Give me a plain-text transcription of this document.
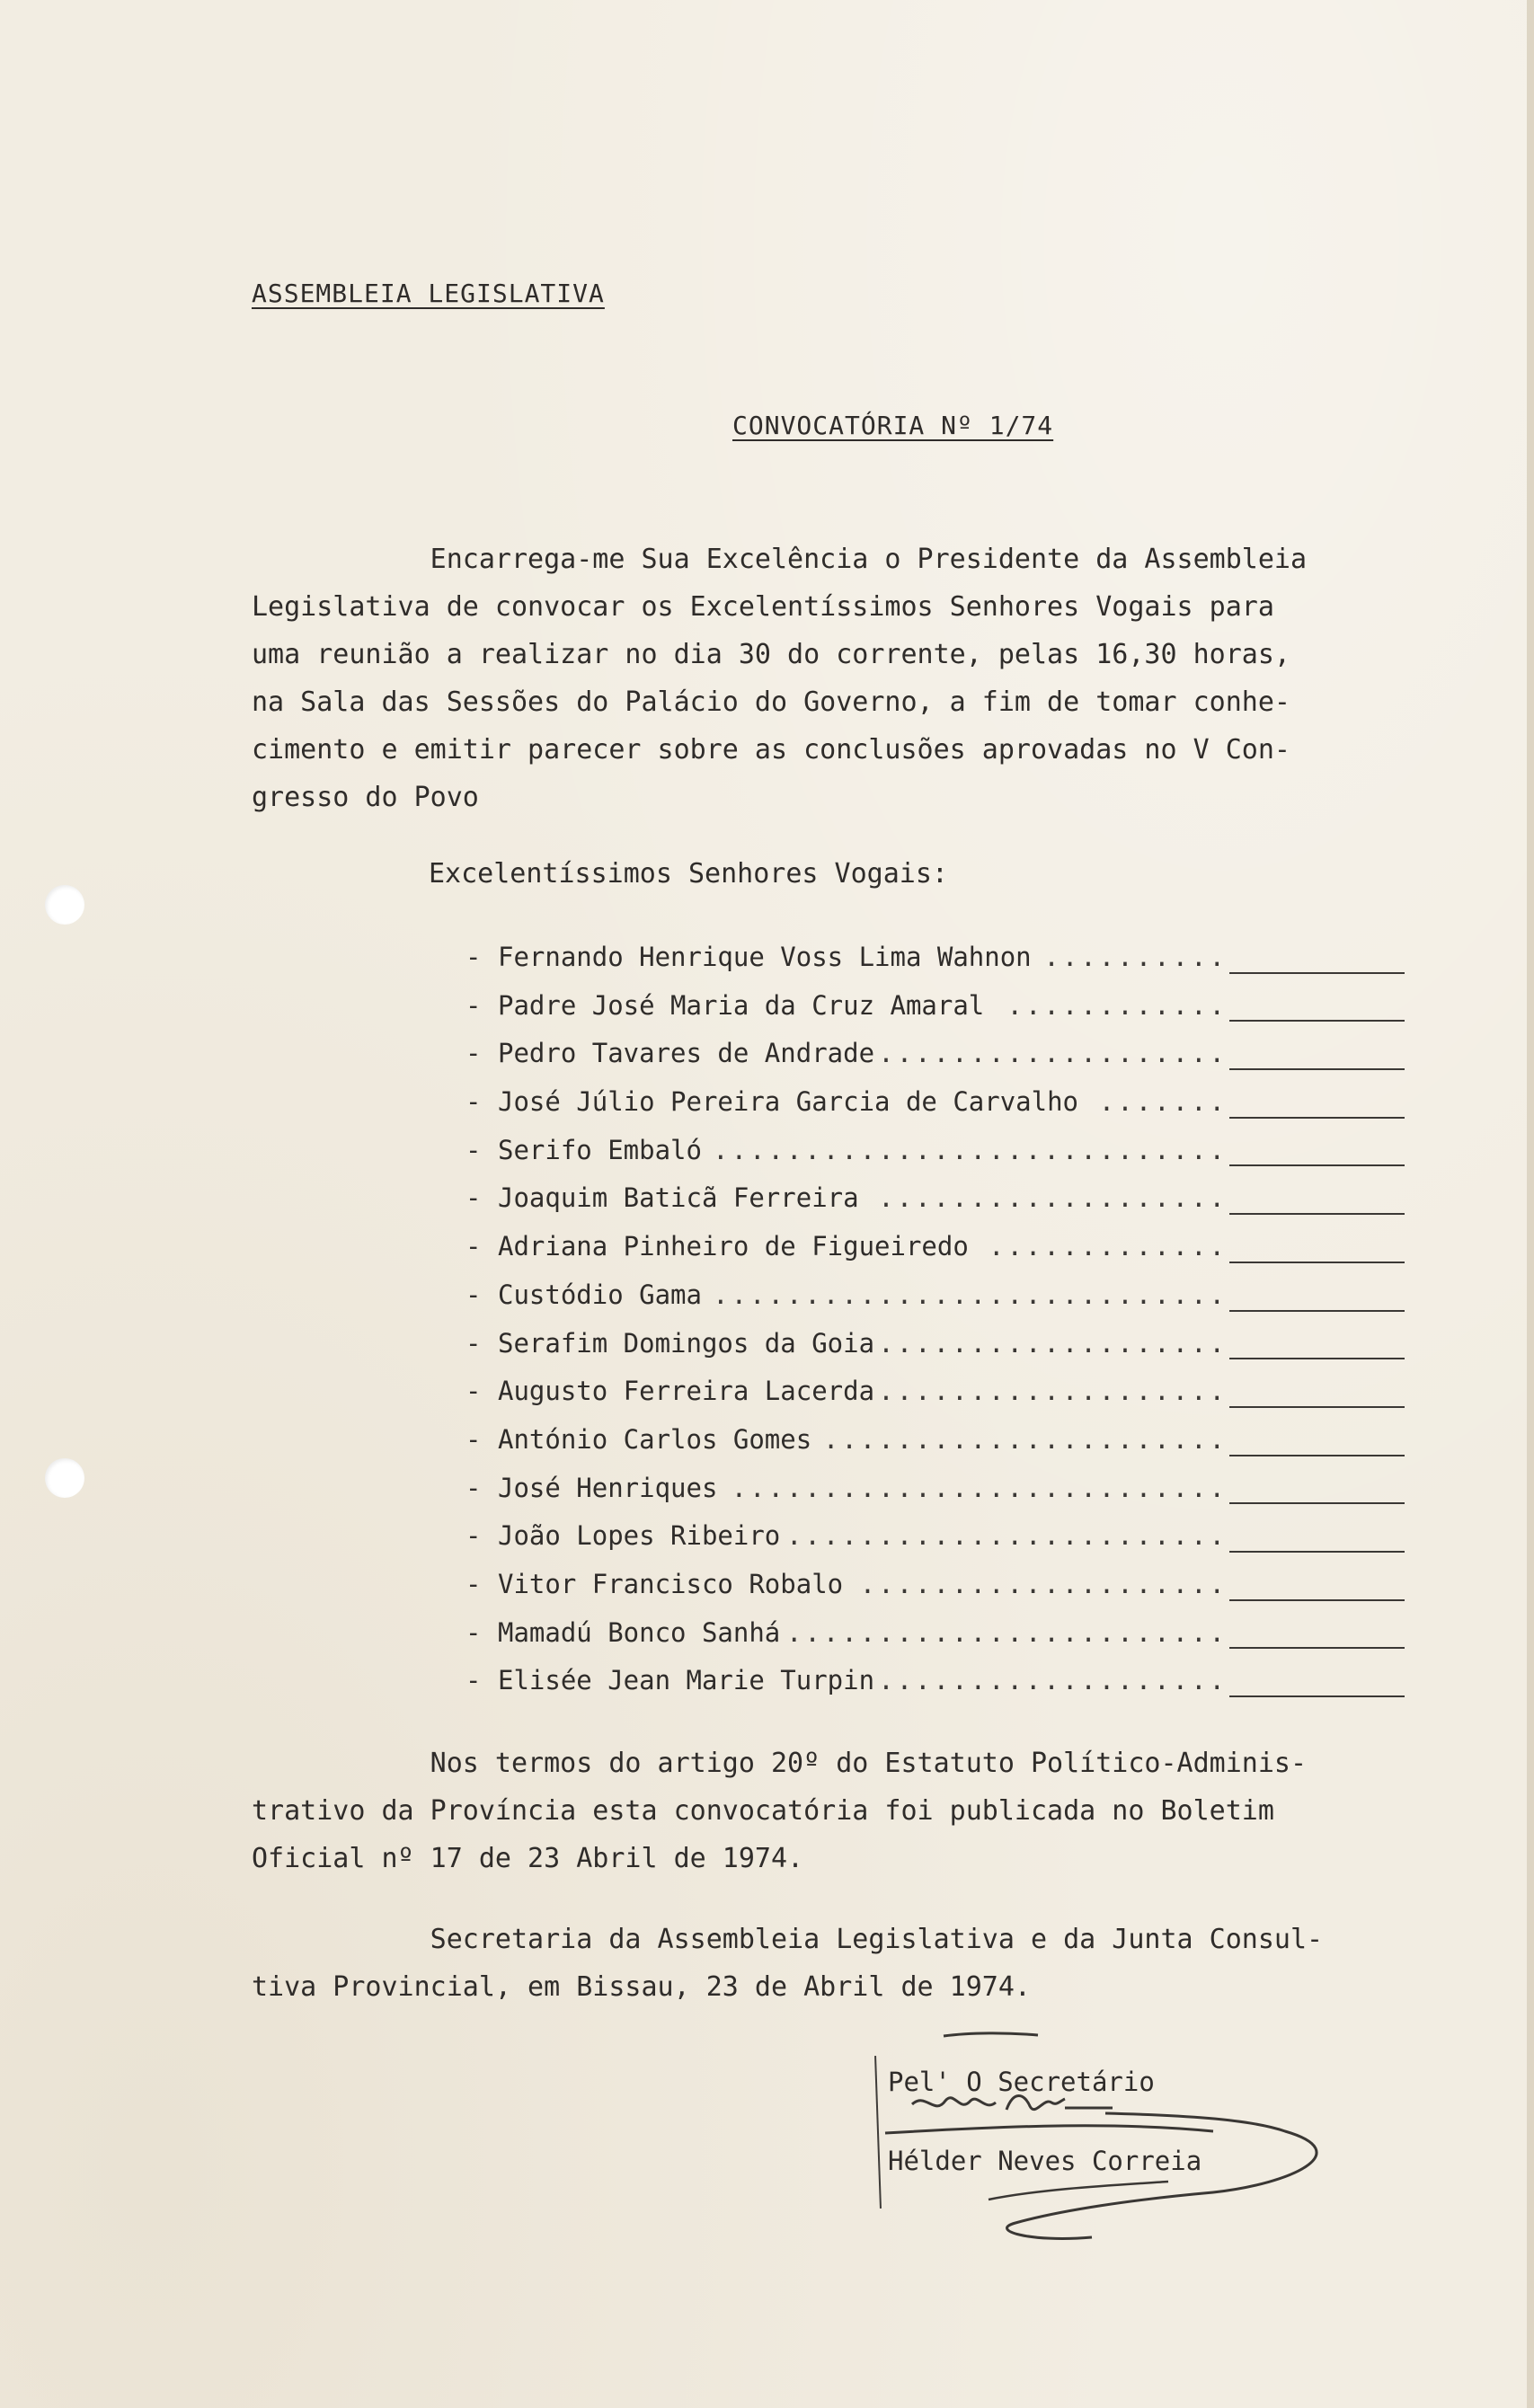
ASSEMBLEIA LEGISLATIVA
CONVOCATÓRIA Nº 1/74

Encarrega-me Sua Excelência o Presidente da Assembleia
Legislativa de convocar os Excelentíssimos Senhores Vogais para
uma reunião a realizar no dia 30 do corrente, pelas 16,30 horas,
na Sala das Sessões do Palácio do Governo, a fim de tomar conhe-
cimento e emitir parecer sobre as conclusões aprovadas no V Con-
gresso do Povo

Excelentíssimos Senhores Vogais:
- Fernando Henrique Voss Lima Wahnon ..........
- Padre José Maria da Cruz Amaral ............
- Pedro Tavares de Andrade ...................
- José Júlio Pereira Garcia de Carvalho .......
- Serifo Embaló ............................
- Joaquim Baticã Ferreira ...................
- Adriana Pinheiro de Figueiredo .............
- Custódio Gama ............................
- Serafim Domingos da Goia ...................
- Augusto Ferreira Lacerda ...................
- António Carlos Gomes ......................
- José Henriques ...........................
- João Lopes Ribeiro ........................
- Vitor Francisco Robalo ....................
- Mamadú Bonco Sanhá ........................
- Elisée Jean Marie Turpin ...................

Nos termos do artigo 20º do Estatuto Político-Adminis-
trativo da Província esta convocatória foi publicada no Boletim
Oficial nº 17 de 23 Abril de 1974.

Secretaria da Assembleia Legislativa e da Junta Consul-
tiva Provincial, em Bissau, 23 de Abril de 1974.

Pel' O Secretário
Hélder Neves Correia
